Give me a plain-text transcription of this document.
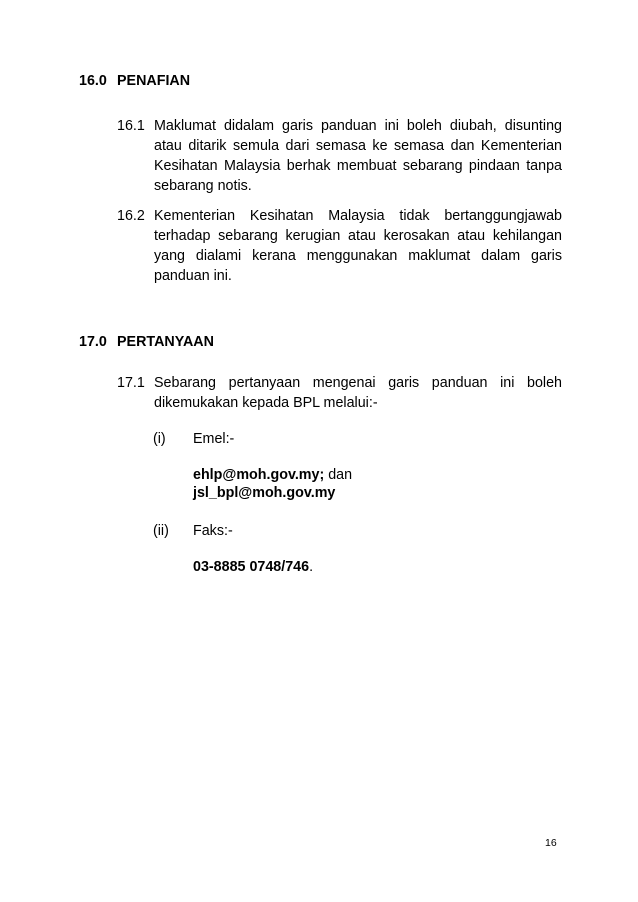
16.0 PENAFIAN
16.1 Maklumat didalam garis panduan ini boleh diubah, disunting atau ditarik semula dari semasa ke semasa dan Kementerian Kesihatan Malaysia berhak membuat sebarang pindaan tanpa sebarang notis.
16.2 Kementerian Kesihatan Malaysia tidak bertanggungjawab terhadap sebarang kerugian atau kerosakan atau kehilangan yang dialami kerana menggunakan maklumat dalam garis panduan ini.
17.0 PERTANYAAN
17.1 Sebarang pertanyaan mengenai garis panduan ini boleh dikemukakan kepada BPL melalui:-
(i) Emel:-
ehlp@moh.gov.my; dan
jsl_bpl@moh.gov.my
(ii) Faks:-
03-8885 0748/746.
16
